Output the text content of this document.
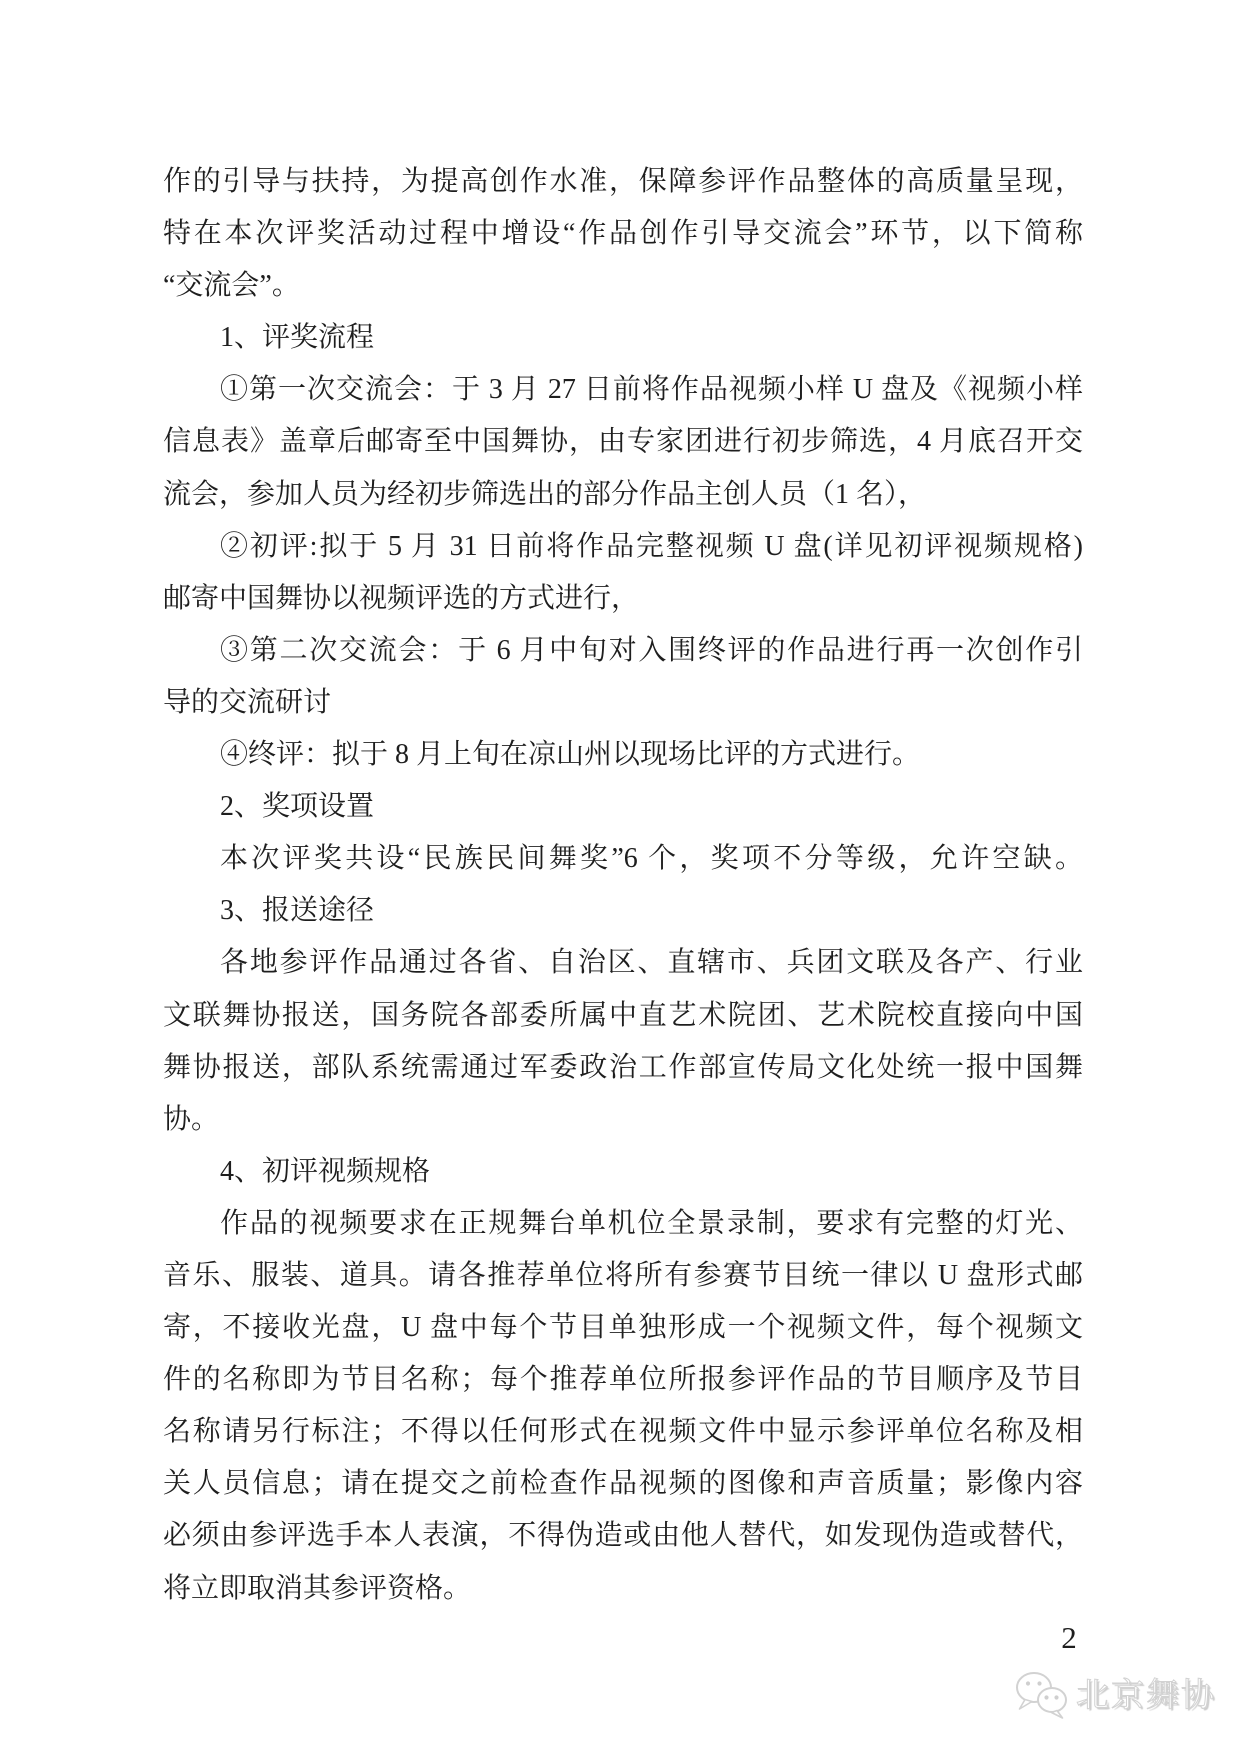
作的引导与扶持，为提高创作水准，保障参评作品整体的高质量呈现，
特在本次评奖活动过程中增设“作品创作引导交流会”环节，以下简称
“交流会”。
1、评奖流程
①第一次交流会：于 3 月 27 日前将作品视频小样 U 盘及《视频小样
信息表》盖章后邮寄至中国舞协，由专家团进行初步筛选，4 月底召开交
流会，参加人员为经初步筛选出的部分作品主创人员（1 名），
②初评:拟于 5 月 31 日前将作品完整视频 U 盘(详见初评视频规格)
邮寄中国舞协以视频评选的方式进行，
③第二次交流会：于 6 月中旬对入围终评的作品进行再一次创作引
导的交流研讨
④终评：拟于 8 月上旬在凉山州以现场比评的方式进行。
2、奖项设置
本次评奖共设“民族民间舞奖”6 个，奖项不分等级，允许空缺。
3、报送途径
各地参评作品通过各省、自治区、直辖市、兵团文联及各产、行业
文联舞协报送，国务院各部委所属中直艺术院团、艺术院校直接向中国
舞协报送，部队系统需通过军委政治工作部宣传局文化处统一报中国舞
协。
4、初评视频规格
作品的视频要求在正规舞台单机位全景录制，要求有完整的灯光、
音乐、服装、道具。请各推荐单位将所有参赛节目统一律以 U 盘形式邮
寄，不接收光盘，U 盘中每个节目单独形成一个视频文件，每个视频文
件的名称即为节目名称；每个推荐单位所报参评作品的节目顺序及节目
名称请另行标注；不得以任何形式在视频文件中显示参评单位名称及相
关人员信息；请在提交之前检查作品视频的图像和声音质量；影像内容
必须由参评选手本人表演，不得伪造或由他人替代，如发现伪造或替代，
将立即取消其参评资格。
2
北京舞协
